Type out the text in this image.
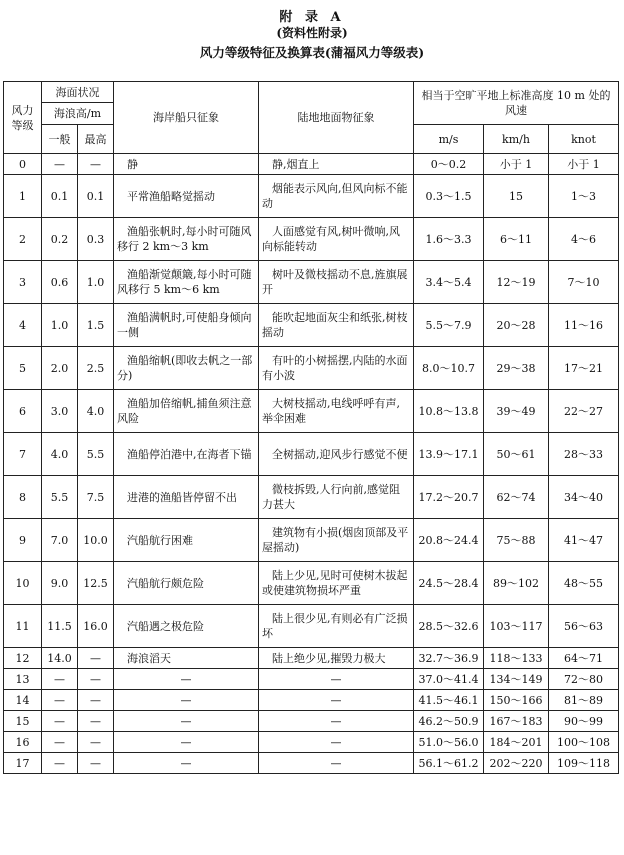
附 录 A
(资料性附录)
风力等级特征及换算表(蒲福风力等级表)
风力等级	海面状况		海岸船只征象	陆地地面物征象	相当于空旷平地上标准高度 10 m 处的风速		
	海浪高/m						
	一般	最高			m/s	km/h	knot
0	—	—	静	静,烟直上	0～0.2	小于 1	小于 1
1	0.1	0.1	平常渔船略觉摇动	烟能表示风向,但风向标不能动	0.3～1.5	15	1～3
2	0.2	0.3	渔船张帆时,每小时可随风移行 2 km～3 km	人面感觉有风,树叶微响,风向标能转动	1.6～3.3	6～11	4～6
3	0.6	1.0	渔船渐觉颠簸,每小时可随风移行 5 km～6 km	树叶及微枝摇动不息,旌旗展开	3.4～5.4	12～19	7～10
4	1.0	1.5	渔船满帆时,可使船身倾向一侧	能吹起地面灰尘和纸张,树枝摇动	5.5～7.9	20～28	11～16
5	2.0	2.5	渔船缩帆(即收去帆之一部分)	有叶的小树摇摆,内陆的水面有小波	8.0～10.7	29～38	17～21
6	3.0	4.0	渔船加倍缩帆,捕鱼须注意风险	大树枝摇动,电线呼呼有声,举伞困难	10.8～13.8	39～49	22～27
7	4.0	5.5	渔船停泊港中,在海者下锚	全树摇动,迎风步行感觉不便	13.9～17.1	50～61	28～33
8	5.5	7.5	进港的渔船皆停留不出	微枝拆毁,人行向前,感觉阻力甚大	17.2～20.7	62～74	34～40
9	7.0	10.0	汽船航行困难	建筑物有小损(烟囱顶部及平屋摇动)	20.8～24.4	75～88	41～47
10	9.0	12.5	汽船航行颇危险	陆上少见,见时可使树木拔起或使建筑物损坏严重	24.5～28.4	89～102	48～55
11	11.5	16.0	汽船遇之极危险	陆上很少见,有则必有广泛损坏	28.5～32.6	103～117	56～63
12	14.0	—	海浪滔天	陆上绝少见,摧毁力极大	32.7～36.9	118～133	64～71
13	—	—	—	—	37.0～41.4	134～149	72～80
14	—	—	—	—	41.5～46.1	150～166	81～89
15	—	—	—	—	46.2～50.9	167～183	90～99
16	—	—	—	—	51.0～56.0	184～201	100～108
17	—	—	—	—	56.1～61.2	202～220	109～118
